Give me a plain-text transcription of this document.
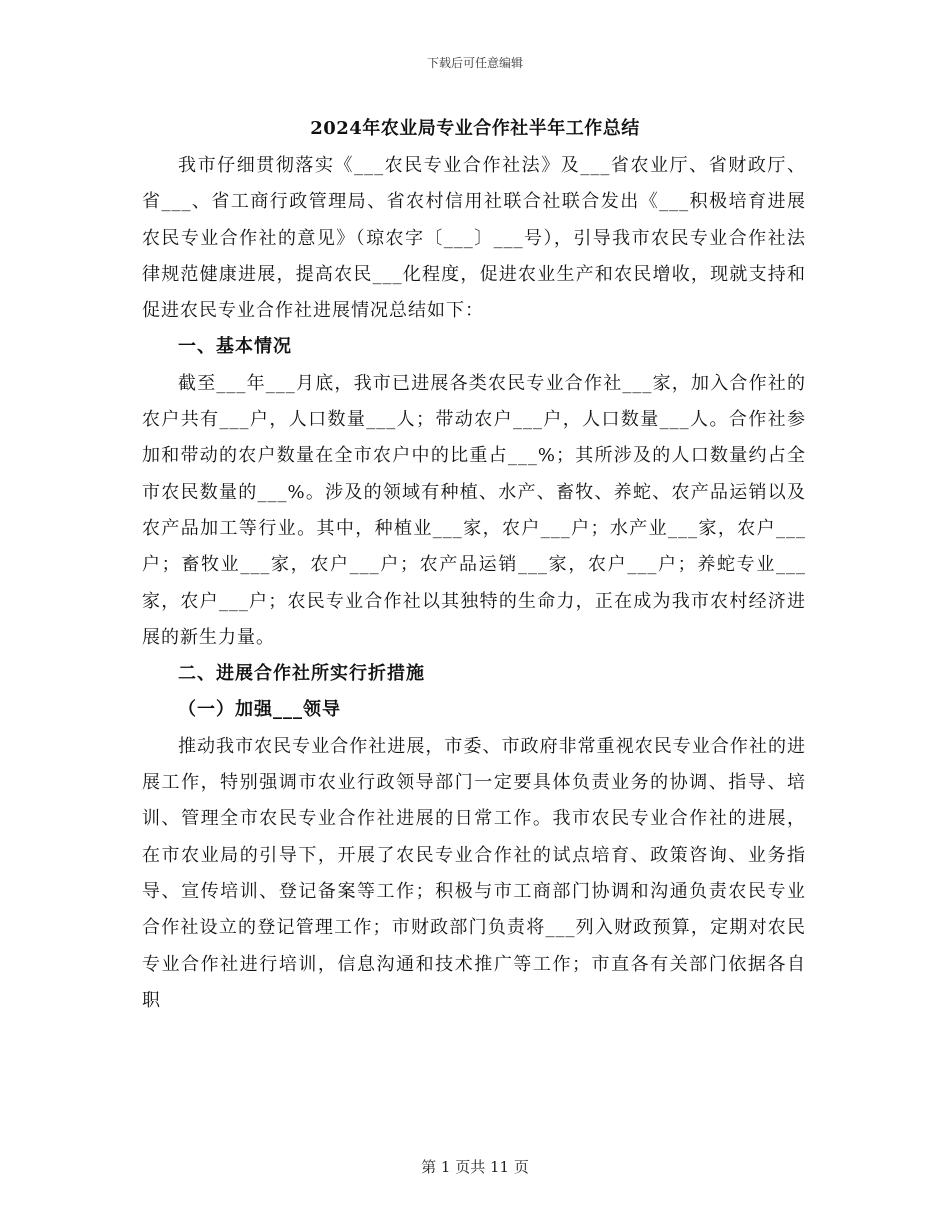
下载后可任意编辑
2024年农业局专业合作社半年工作总结

我市仔细贯彻落实《___农民专业合作社法》及___省农业厅、省财政厅、省___、省工商行政管理局、省农村信用社联合社联合发出《___积极培育进展农民专业合作社的意见》（琼农字〔___〕___号），引导我市农民专业合作社法律规范健康进展，提高农民___化程度，促进农业生产和农民增收，现就支持和促进农民专业合作社进展情况总结如下：

一、基本情况

截至___年___月底，我市已进展各类农民专业合作社___家，加入合作社的农户共有___户，人口数量___人；带动农户___户，人口数量___人。合作社参加和带动的农户数量在全市农户中的比重占___%；其所涉及的人口数量约占全市农民数量的___%。涉及的领域有种植、水产、畜牧、养蛇、农产品运销以及农产品加工等行业。其中，种植业___家，农户___户；水产业___家，农户___户；畜牧业___家，农户___户；农产品运销___家，农户___户；养蛇专业___家，农户___户；农民专业合作社以其独特的生命力，正在成为我市农村经济进展的新生力量。

二、进展合作社所实行折措施

（一）加强___领导

推动我市农民专业合作社进展，市委、市政府非常重视农民专业合作社的进展工作，特别强调市农业行政领导部门一定要具体负责业务的协调、指导、培训、管理全市农民专业合作社进展的日常工作。我市农民专业合作社的进展，在市农业局的引导下，开展了农民专业合作社的试点培育、政策咨询、业务指导、宣传培训、登记备案等工作；积极与市工商部门协调和沟通负责农民专业合作社设立的登记管理工作；市财政部门负责将___列入财政预算，定期对农民专业合作社进行培训，信息沟通和技术推广等工作；市直各有关部门依据各自职

第 1 页共 11 页
